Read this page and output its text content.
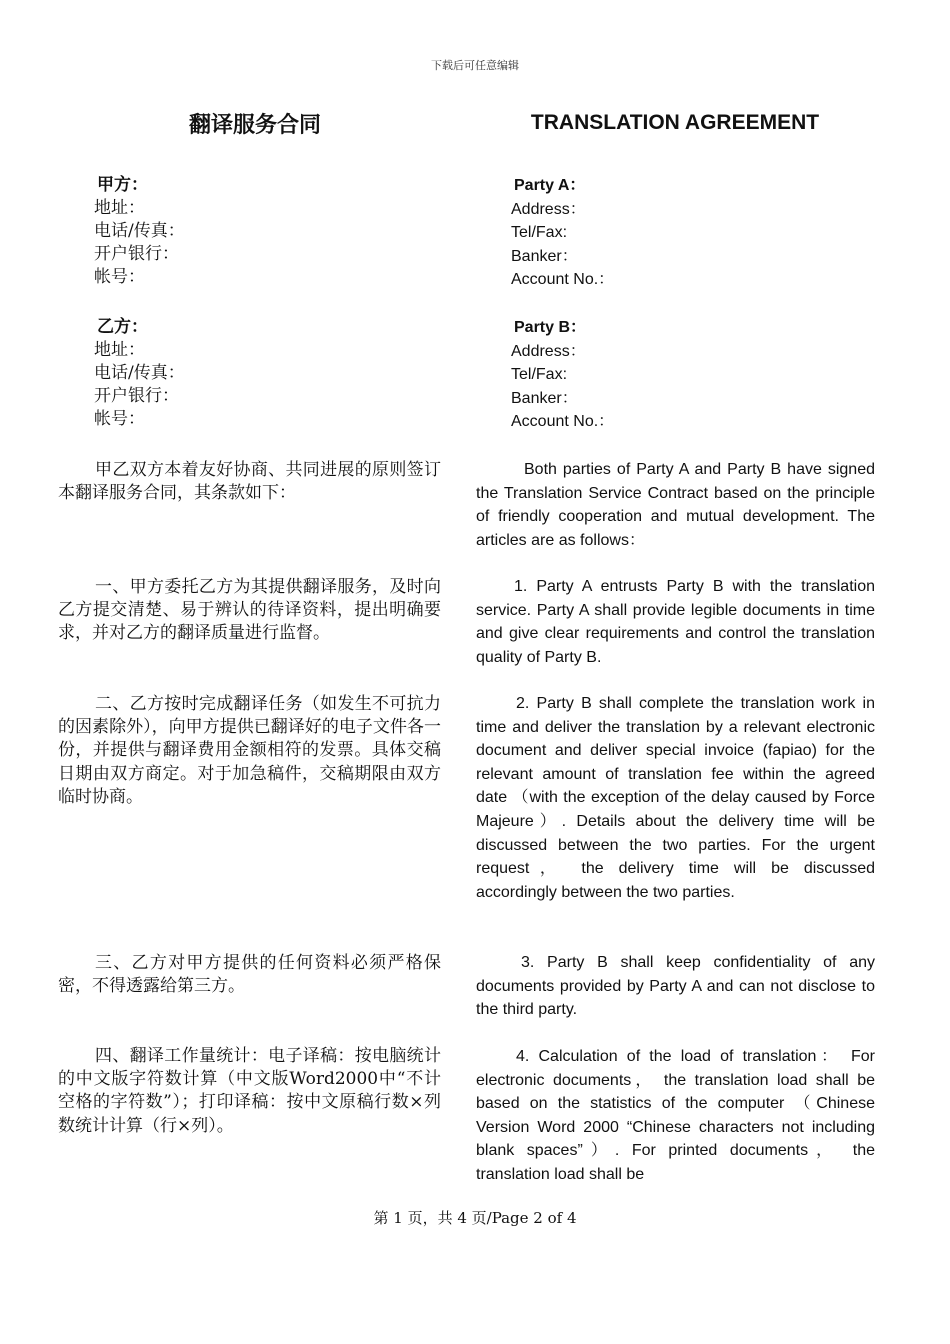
下载后可任意编辑
翻译服务合同	TRANSLATION AGREEMENT
甲方：
地址：
电话/传真：
开户银行：
帐号：
Party A：
Address：
Tel/Fax:
Banker：
Account No.：
乙方：
地址：
电话/传真：
开户银行：
帐号：
Party B：
Address：
Tel/Fax:
Banker：
Account No.：
甲乙双方本着友好协商、共同进展的原则签订本翻译服务合同，其条款如下：
Both parties of Party A and Party B have signed the Translation Service Contract based on the principle of friendly cooperation and mutual development. The articles are as follows：
一、甲方委托乙方为其提供翻译服务，及时向乙方提交清楚、易于辨认的待译资料，提出明确要求，并对乙方的翻译质量进行监督。
1. Party A entrusts Party B with the translation service. Party A shall provide legible documents in time and give clear requirements and control the translation quality of Party B.
二、乙方按时完成翻译任务（如发生不可抗力的因素除外），向甲方提供已翻译好的电子文件各一份，并提供与翻译费用金额相符的发票。具体交稿日期由双方商定。对于加急稿件，交稿期限由双方临时协商。
2. Party B shall complete the translation work in time and deliver the translation by a relevant electronic document and deliver special invoice (fapiao) for the relevant amount of translation fee within the agreed date （with the exception of the delay caused by Force Majeure）. Details about the delivery time will be discussed between the two parties. For the urgent request， the delivery time will be discussed accordingly between the two parties.
三、乙方对甲方提供的任何资料必须严格保密，不得透露给第三方。
3. Party B shall keep confidentiality of any documents provided by Party A and can not disclose to the third party.
四、翻译工作量统计：电子译稿：按电脑统计的中文版字符数计算（中文版Word2000中“不计空格的字符数”）；打印译稿：按中文原稿行数×列数统计计算（行×列）。
4. Calculation of the load of translation： For electronic documents， the translation load shall be based on the statistics of the computer （Chinese Version Word 2000 “Chinese characters not including blank spaces”）. For printed documents， the translation load shall be
第 1 页，共 4 页/Page 2 of 4
